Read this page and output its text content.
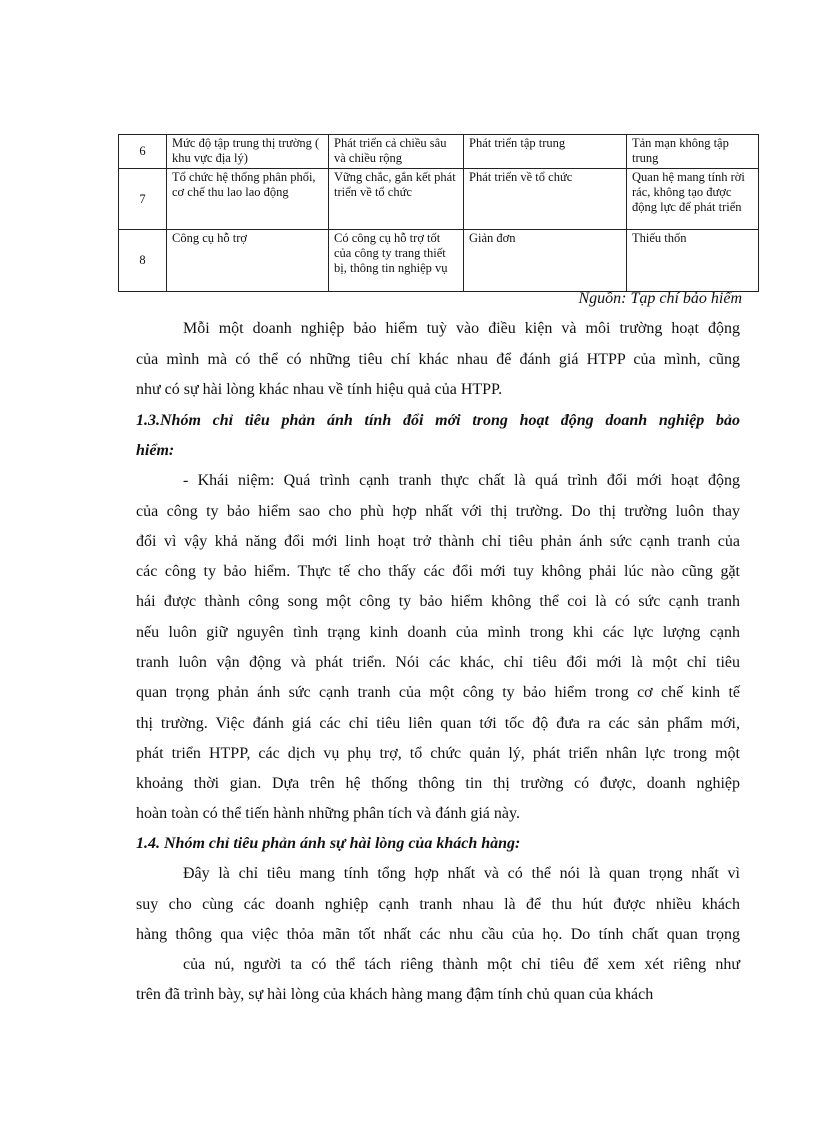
6	Mức độ tập trung thị trường ( khu vực địa lý)	Phát triển cả chiều sâu và chiều rộng	Phát triển tập trung	Tản mạn không tập trung
7	Tổ chức hệ thống phân phối, cơ chế thu lao lao động	Vững chắc, gắn kết phát triển về tổ chức	Phát triển về tổ chức	Quan hệ mang tính rời rác, không tạo được động lực để phát triển
8	Công cụ hỗ trợ	Có công cụ hỗ trợ tốt của công ty trang thiết bị, thông tin nghiệp vụ	Giản đơn	Thiếu thốn
Nguồn: Tạp chí bảo hiểm
Mỗi một doanh nghiệp bảo hiểm tuỳ vào điều kiện và môi trường hoạt động
của mình mà có thể có những tiêu chí khác nhau để đánh giá HTPP của mình, cũng
như có sự hài lòng khác nhau về tính hiệu quả của HTPP.
1.3.Nhóm chỉ tiêu phản ánh tính đổi mới trong hoạt động doanh nghiệp bảo
hiểm:
- Khái niệm: Quá trình cạnh tranh thực chất là quá trình đổi mới hoạt động
của công ty bảo hiểm sao cho phù hợp nhất với thị trường. Do thị trường luôn thay
đổi vì vậy khả năng đổi mới linh hoạt trở thành chỉ tiêu phản ánh sức cạnh tranh của
các công ty bảo hiểm. Thực tế cho thấy các đổi mới tuy không phải lúc nào cũng gặt
hái được thành công song một công ty bảo hiểm không thể coi là có sức cạnh tranh
nếu luôn giữ nguyên tình trạng kinh doanh của mình trong khi các lực lượng cạnh
tranh luôn vận động và phát triển. Nói các khác, chỉ tiêu đổi mới là một chỉ tiêu
quan trọng phản ánh sức cạnh tranh của một công ty bảo hiểm trong cơ chế kinh tế
thị trường. Việc đánh giá các chỉ tiêu liên quan tới tốc độ đưa ra các sản phẩm mới,
phát triển HTPP, các dịch vụ phụ trợ, tổ chức quản lý, phát triển nhân lực trong một
khoảng thời gian. Dựa trên hệ thống thông tin thị trường có được, doanh nghiệp
hoàn toàn có thể tiến hành những phân tích và đánh giá này.
1.4. Nhóm chỉ tiêu phản ánh sự hài lòng của khách hàng:
Đây là chỉ tiêu mang tính tổng hợp nhất và có thể nói là quan trọng nhất vì
suy cho cùng các doanh nghiệp cạnh tranh nhau là để thu hút được nhiều khách
hàng thông qua việc thỏa mãn tốt nhất các nhu cầu của họ. Do tính chất quan trọng
của nú, người ta có thể tách riêng thành một chỉ tiêu để xem xét riêng như
trên đã trình bày, sự hài lòng của khách hàng mang đậm tính chủ quan của khách
